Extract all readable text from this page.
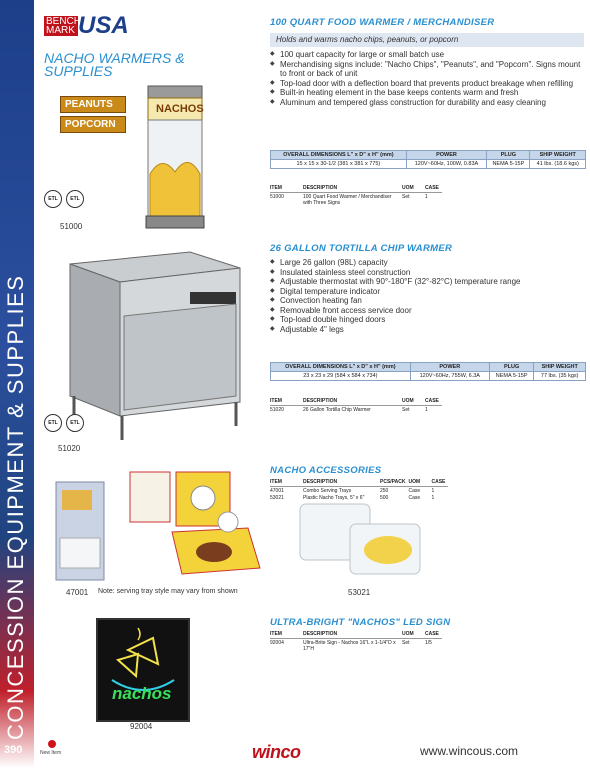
CONCESSION EQUIPMENT & SUPPLIES
390
BENCH MARK USA
NACHO WARMERS & SUPPLIES
PEANUTS
POPCORN
NACHOS
ETL	ETL
51000
100 QUART FOOD WARMER / MERCHANDISER
Holds and warms nacho chips, peanuts, or popcorn
◆ 100 quart capacity for large or small batch use
◆ Merchandising signs include: "Nacho Chips", "Peanuts", and "Popcorn". Signs mount to front or back of unit
◆ Top-load door with a deflection board that prevents product breakage when refilling
◆ Built-in heating element in the base keeps contents warm and fresh
◆ Aluminum and tempered glass construction for durability and easy cleaning
OVERALL DIMENSIONS L" x D" x H" (mm)	POWER	PLUG	SHIP WEIGHT
15 x 15 x 30-1/2 (381 x 381 x 775)	120V~60Hz, 100W, 0.83A	NEMA 5-15P	41 lbs. (18.6 kgs)
ITEM	DESCRIPTION	UOM	CASE
51000	100 Quart Food Warmer / Merchandiser with Three Signs	Set	1
ETL	ETL
51020
26 GALLON TORTILLA CHIP WARMER
◆ Large 26 gallon (98L) capacity
◆ Insulated stainless steel construction
◆ Adjustable thermostat with 90°-180°F (32°-82°C) temperature range
◆ Digital temperature indicator
◆ Convection heating fan
◆ Removable front access service door
◆ Top-load double hinged doors
◆ Adjustable 4" legs
OVERALL DIMENSIONS L" x D" x H" (mm)	POWER	PLUG	SHIP WEIGHT
23 x 23 x 29 (584 x 584 x 734)	120V~60Hz, 755W, 6.3A	NEMA 5-15P	77 lbs. (35 kgs)
ITEM	DESCRIPTION	UOM	CASE
51020	26 Gallon Tortilla Chip Warmer	Set	1
47001 Note: serving tray style may vary from shown	53021
NACHO ACCESSORIES
ITEM	DESCRIPTION	PCS/PACK	UOM	CASE
47001	Combo Serving Trays	250	Case	1
53021	Plastic Nacho Trays, 5" x 6"	500	Case	1
nachos
92004
ULTRA-BRIGHT "NACHOS" LED SIGN
ITEM	DESCRIPTION	UOM	CASE
92004	Ultra-Brite Sign - Nachos 16"L x 1-1/4"D x 17"H	Set	1/5
New Item	winco	www.wincous.com
